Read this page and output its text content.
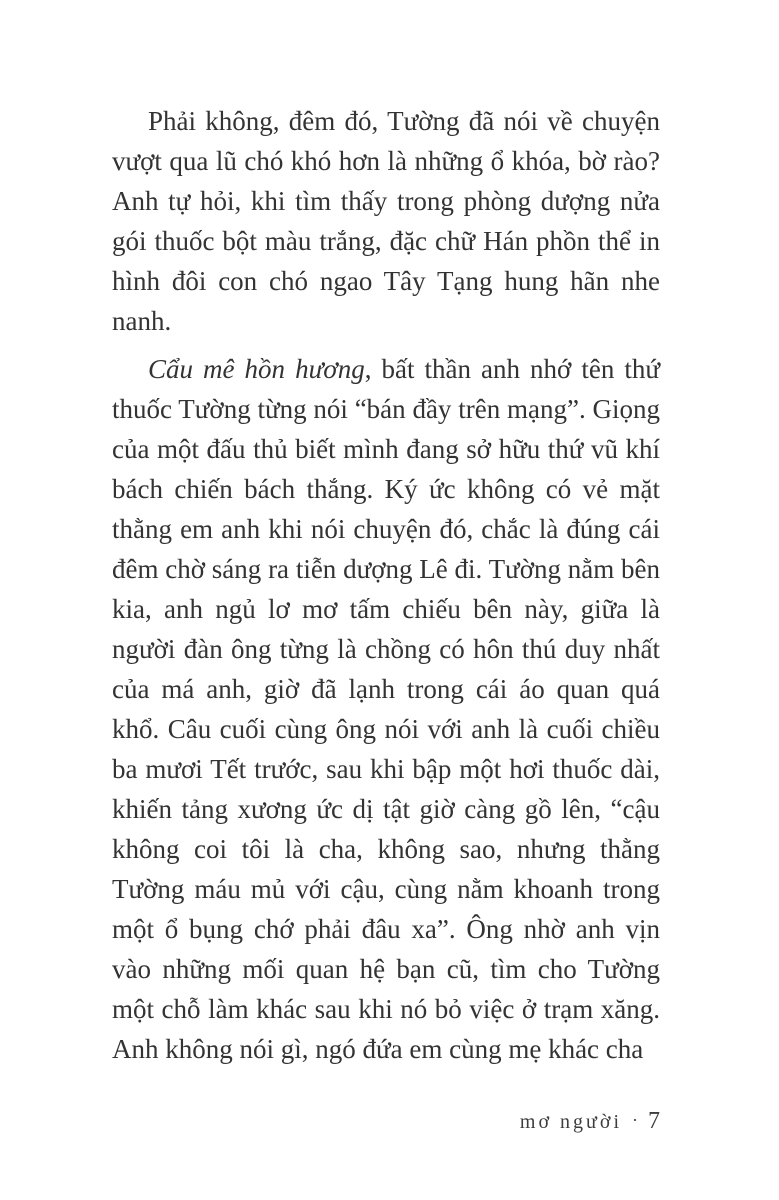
Phải không, đêm đó, Tường đã nói về chuyện vượt qua lũ chó khó hơn là những ổ khóa, bờ rào? Anh tự hỏi, khi tìm thấy trong phòng dượng nửa gói thuốc bột màu trắng, đặc chữ Hán phồn thể in hình đôi con chó ngao Tây Tạng hung hãn nhe nanh.

Cẩu mê hồn hương, bất thần anh nhớ tên thứ thuốc Tường từng nói “bán đầy trên mạng”. Giọng của một đấu thủ biết mình đang sở hữu thứ vũ khí bách chiến bách thắng. Ký ức không có vẻ mặt thằng em anh khi nói chuyện đó, chắc là đúng cái đêm chờ sáng ra tiễn dượng Lê đi. Tường nằm bên kia, anh ngủ lơ mơ tấm chiếu bên này, giữa là người đàn ông từng là chồng có hôn thú duy nhất của má anh, giờ đã lạnh trong cái áo quan quá khổ. Câu cuối cùng ông nói với anh là cuối chiều ba mươi Tết trước, sau khi bập một hơi thuốc dài, khiến tảng xương ức dị tật giờ càng gồ lên, “cậu không coi tôi là cha, không sao, nhưng thằng Tường máu mủ với cậu, cùng nằm khoanh trong một ổ bụng chớ phải đâu xa”. Ông nhờ anh vịn vào những mối quan hệ bạn cũ, tìm cho Tường một chỗ làm khác sau khi nó bỏ việc ở trạm xăng. Anh không nói gì, ngó đứa em cùng mẹ khác cha

mơ người · 7
